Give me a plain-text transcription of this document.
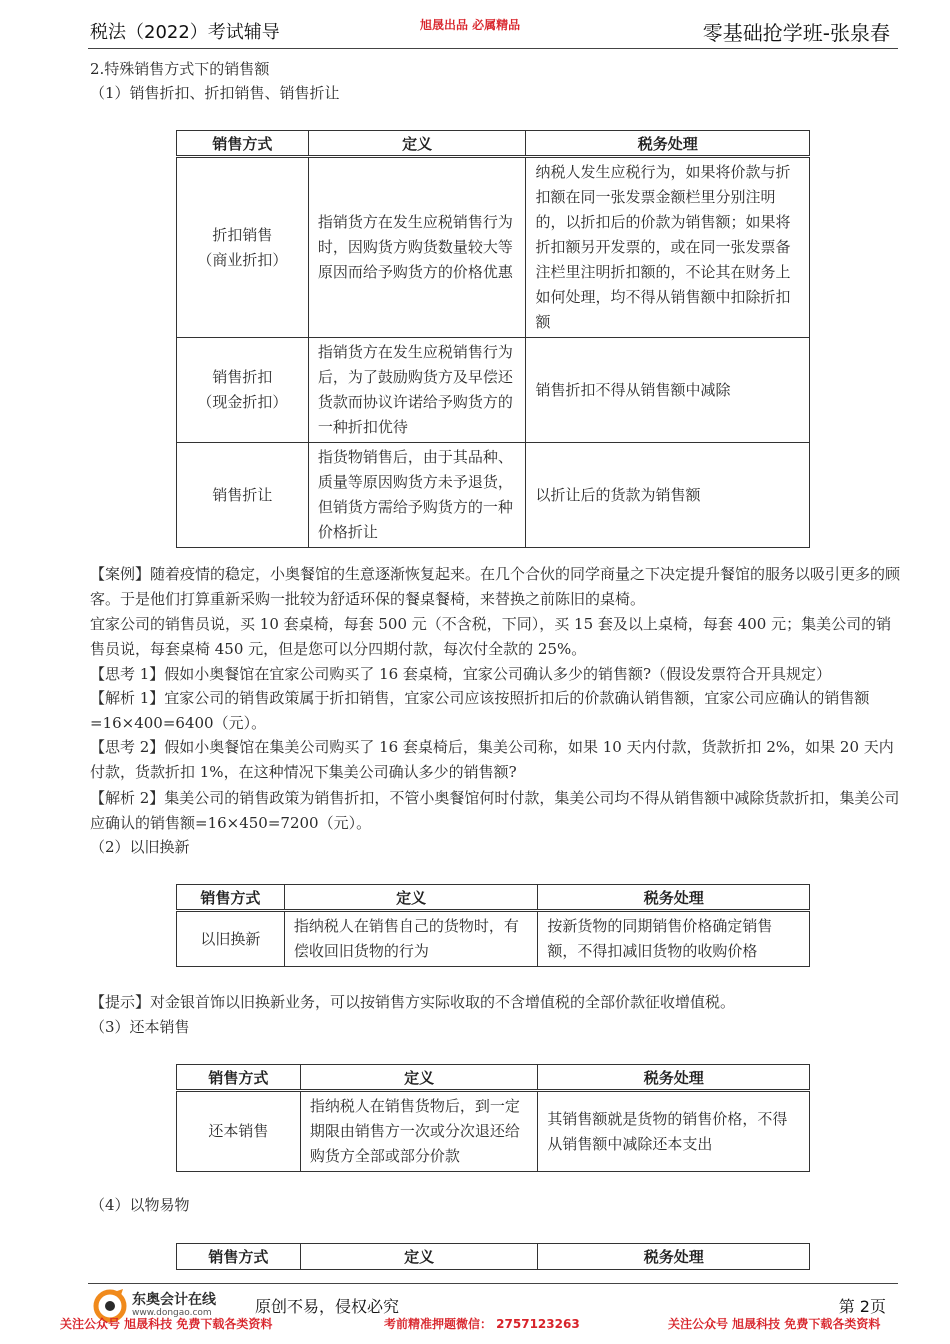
税法（2022）考试辅导	旭晟出品 必属精品	零基础抢学班-张泉春
2.特殊销售方式下的销售额
（1）销售折扣、折扣销售、销售折让
销售方式	定义	税务处理
折扣销售
（商业折扣）	指销货方在发生应税销售行为时，因购货方购货数量较大等原因而给予购货方的价格优惠	纳税人发生应税行为，如果将价款与折扣额在同一张发票金额栏里分别注明的，以折扣后的价款为销售额；如果将折扣额另开发票的，或在同一张发票备注栏里注明折扣额的，不论其在财务上如何处理，均不得从销售额中扣除折扣额
销售折扣
（现金折扣）	指销货方在发生应税销售行为后，为了鼓励购货方及早偿还货款而协议许诺给予购货方的一种折扣优待	销售折扣不得从销售额中减除
销售折让	指货物销售后，由于其品种、质量等原因购货方未予退货，但销货方需给予购货方的一种价格折让	以折让后的货款为销售额
【案例】随着疫情的稳定，小奥餐馆的生意逐渐恢复起来。在几个合伙的同学商量之下决定提升餐馆的服务以吸引更多的顾客。于是他们打算重新采购一批较为舒适环保的餐桌餐椅，来替换之前陈旧的桌椅。
宜家公司的销售员说，买 10 套桌椅，每套 500 元（不含税，下同），买 15 套及以上桌椅，每套 400 元；集美公司的销售员说，每套桌椅 450 元，但是您可以分四期付款，每次付全款的 25%。
【思考 1】假如小奥餐馆在宜家公司购买了 16 套桌椅，宜家公司确认多少的销售额?（假设发票符合开具规定）
【解析 1】宜家公司的销售政策属于折扣销售，宜家公司应该按照折扣后的价款确认销售额，宜家公司应确认的销售额=16×400=6400（元）。
【思考 2】假如小奥餐馆在集美公司购买了 16 套桌椅后，集美公司称，如果 10 天内付款，货款折扣 2%，如果 20 天内付款，货款折扣 1%，在这种情况下集美公司确认多少的销售额?
【解析 2】集美公司的销售政策为销售折扣，不管小奥餐馆何时付款，集美公司均不得从销售额中减除货款折扣，集美公司应确认的销售额=16×450=7200（元）。
（2）以旧换新
销售方式	定义	税务处理
以旧换新	指纳税人在销售自己的货物时，有偿收回旧货物的行为	按新货物的同期销售价格确定销售额，不得扣减旧货物的收购价格
【提示】对金银首饰以旧换新业务，可以按销售方实际收取的不含增值税的全部价款征收增值税。
（3）还本销售
销售方式	定义	税务处理
还本销售	指纳税人在销售货物后，到一定期限由销售方一次或分次退还给购货方全部或部分价款	其销售额就是货物的销售价格，不得从销售额中减除还本支出
（4）以物易物
销售方式	定义	税务处理
东奥会计在线
www.dongao.com	原创不易，侵权必究	第 2页
关注公众号 旭晟科技 免费下载各类资料	考前精准押题微信： 2757123263	关注公众号 旭晟科技 免费下载各类资料
